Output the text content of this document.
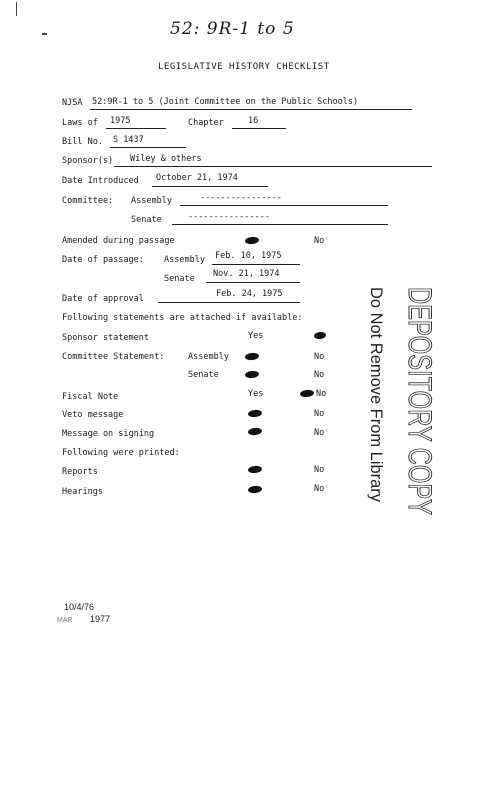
52: 9R-1 to 5
LEGISLATIVE HISTORY CHECKLIST
NJSA 52:9R-1 to 5 (Joint Committee on the Public Schools)
Laws of 1975	Chapter	16
Bill No. S 1437
Sponsor(s) Wiley & others
Date Introduced October 21, 1974
Committee: Assembly	----------------
Senate	----------------
Amended during passage	No
Date of passage: Assembly Feb. 10, 1975
Senate Nov. 21, 1974
Date of approval	Feb. 24, 1975
Following statements are attached if available:
Sponsor statement	Yes
Committee Statement:	Assembly	No
Senate	No
Fiscal Note	Yes	No
Veto message	No
Message on signing	No
Following were printed:
Reports	No
Hearings	No
10/4/76
MAR 1977
DEPOSITORY COPY
Do Not Remove From Library
